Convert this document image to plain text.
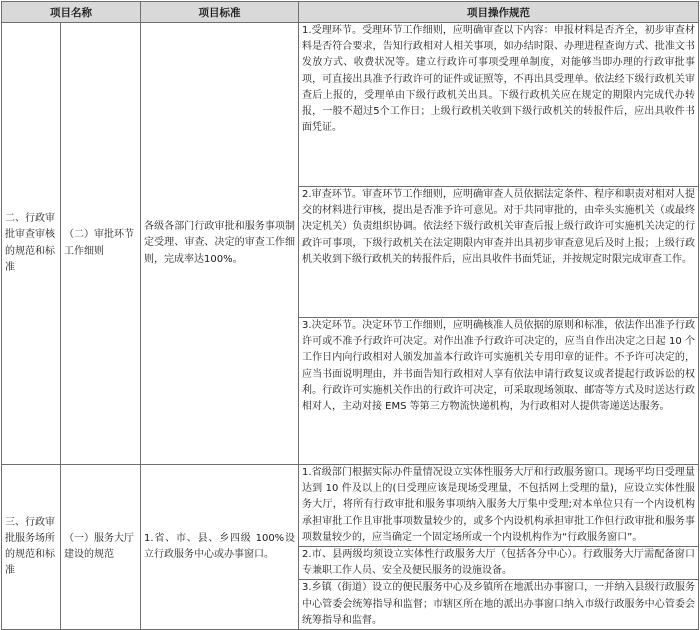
项目名称		项目标准	项目操作规范
二、行政审批审查审核的规范和标准	（二）审批环节工作细则	各级各部门行政审批和服务事项制定受理、审查、决定的审查工作细则，完成率达100%。	1.受理环节。受理环节工作细则，应明确审查以下内容：申报材料是否齐全，初步审查材料是否符合要求，告知行政相对人相关事项，如办结时限、办理进程查询方式、批准文书发放方式、收费状况等。建立行政许可事项受理单制度，对能够当即办理的行政审批事项，可直接出具准予行政许可的证件或证照等，不再出具受理单。依法经下级行政机关审查后上报的，受理单由下级行政机关出具。下级行政机关应在规定的期限内完成代办转报，一般不超过5个工作日；上级行政机关收到下级行政机关的转报件后，应出具收件书面凭证。
			2.审查环节。审查环节工作细则，应明确审查人员依据法定条件、程序和职责对相对人提交的材料进行审核，提出是否准予许可意见。对于共同审批的，由牵头实施机关（或最终决定机关）负责组织协调。依法经下级行政机关审查后报上级行政许可实施机关决定的行政许可事项，下级行政机关在法定期限内审查并出具初步审查意见后及时上报；上级行政机关收到下级行政机关的转报件后，应出具收件书面凭证，并按规定时限完成审查工作。
			3.决定环节。决定环节工作细则，应明确核准人员依据的原则和标准，依法作出准予行政许可或不准予行政许可决定。对作出准予行政许可决定的，应当自作出决定之日起 10 个工作日内向行政相对人颁发加盖本行政许可实施机关专用印章的证件。不予许可决定的，应当书面说明理由，并书面告知行政相对人享有依法申请行政复议或者提起行政诉讼的权利。行政许可实施机关作出的行政许可决定，可采取现场领取、邮寄等方式及时送达行政相对人，主动对接 EMS 等第三方物流快递机构，为行政相对人提供寄递送达服务。
三、行政审批服务场所的规范和标准	（一）服务大厅建设的规范	1.省、市、县、乡四级 100%设立行政服务中心或办事窗口。	1.省级部门根据实际办件量情况设立实体性服务大厅和行政服务窗口。现场平均日受理量达到 10 件及以上的(日受理应该是现场受理量，不包括网上受理的量)，应设立实体性服务大厅，将所有行政审批和服务事项纳入服务大厅集中受理;对本单位只有一个内设机构承担审批工作且审批事项数量较少的，或多个内设机构承担审批工作但行政审批和服务事项数量较少的，应当确定一个固定场所或一个内设机构作为“行政服务窗口”。
			2.市、县两级均须设立实体性行政服务大厅（包括各分中心）。行政服务大厅需配备窗口专兼职工作人员、安全及便民服务的设施设备。
			3.乡镇（街道）设立的便民服务中心及乡镇所在地派出办事窗口，一并纳入县级行政服务中心管委会统筹指导和监督；市辖区所在地的派出办事窗口纳入市级行政服务中心管委会统筹指导和监督。
